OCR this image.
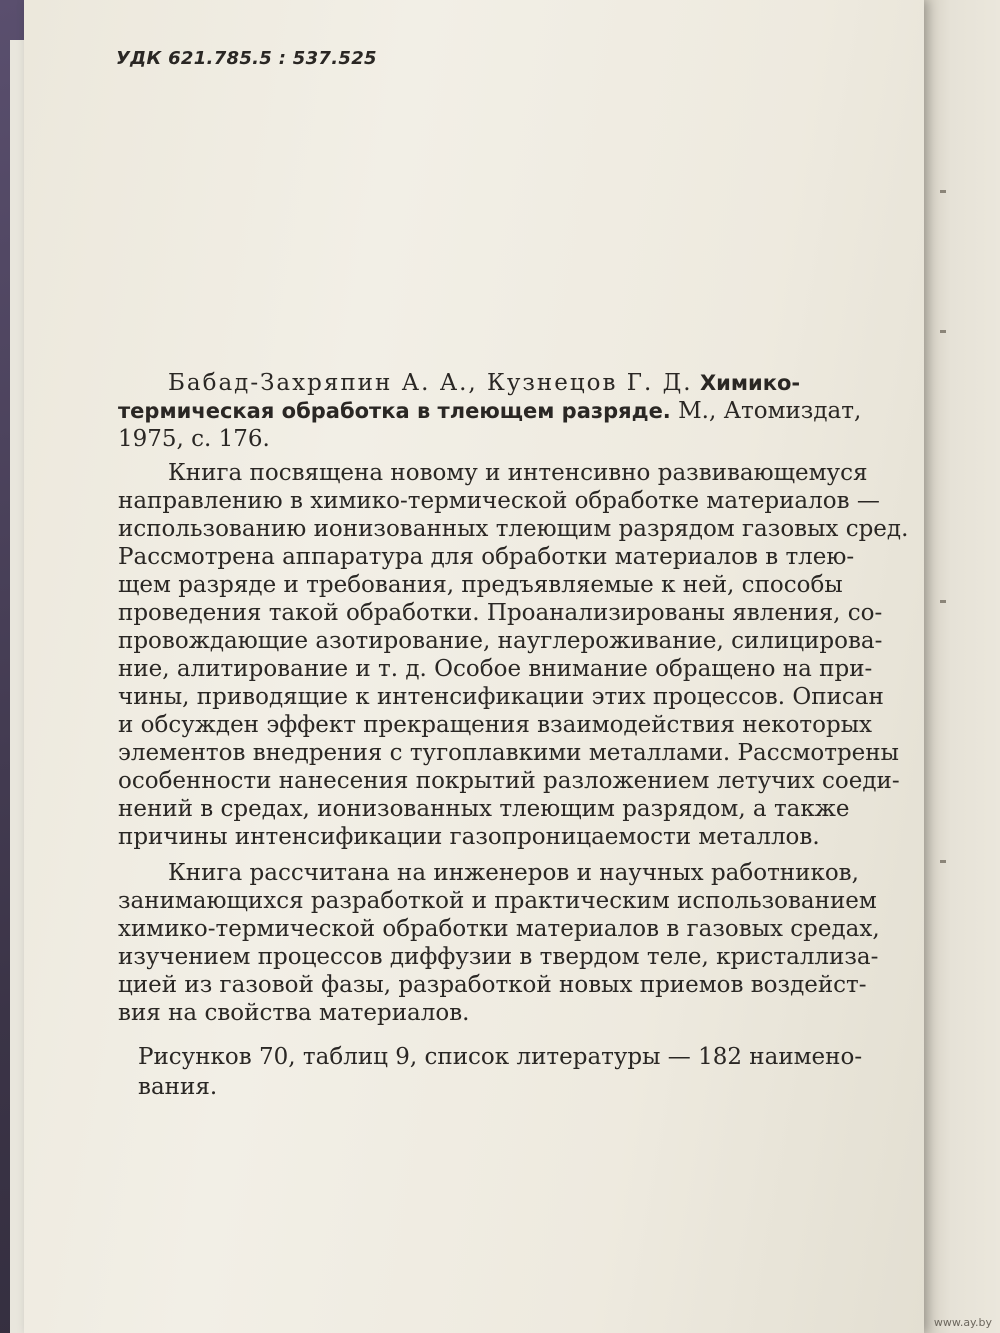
УДК 621.785.5 : 537.525
Бабад-Захряпин А. А., Кузнецов Г. Д. Химико-
термическая обработка в тлеющем разряде. М., Атомиздат,
1975, с. 176.
Книга посвящена новому и интенсивно развивающемуся
направлению в химико-термической обработке материалов —
использованию ионизованных тлеющим разрядом газовых сред.
Рассмотрена аппаратура для обработки материалов в тлею-
щем разряде и требования, предъявляемые к ней, способы
проведения такой обработки. Проанализированы явления, со-
провождающие азотирование, науглероживание, силицирова-
ние, алитирование и т. д. Особое внимание обращено на при-
чины, приводящие к интенсификации этих процессов. Описан
и обсужден эффект прекращения взаимодействия некоторых
элементов внедрения с тугоплавкими металлами. Рассмотрены
особенности нанесения покрытий разложением летучих соеди-
нений в средах, ионизованных тлеющим разрядом, а также
причины интенсификации газопроницаемости металлов.
Книга рассчитана на инженеров и научных работников,
занимающихся разработкой и практическим использованием
химико-термической обработки материалов в газовых средах,
изучением процессов диффузии в твердом теле, кристаллиза-
цией из газовой фазы, разработкой новых приемов воздейст-
вия на свойства материалов.
Рисунков 70, таблиц 9, список литературы — 182 наимено-
вания.
www.ay.by
